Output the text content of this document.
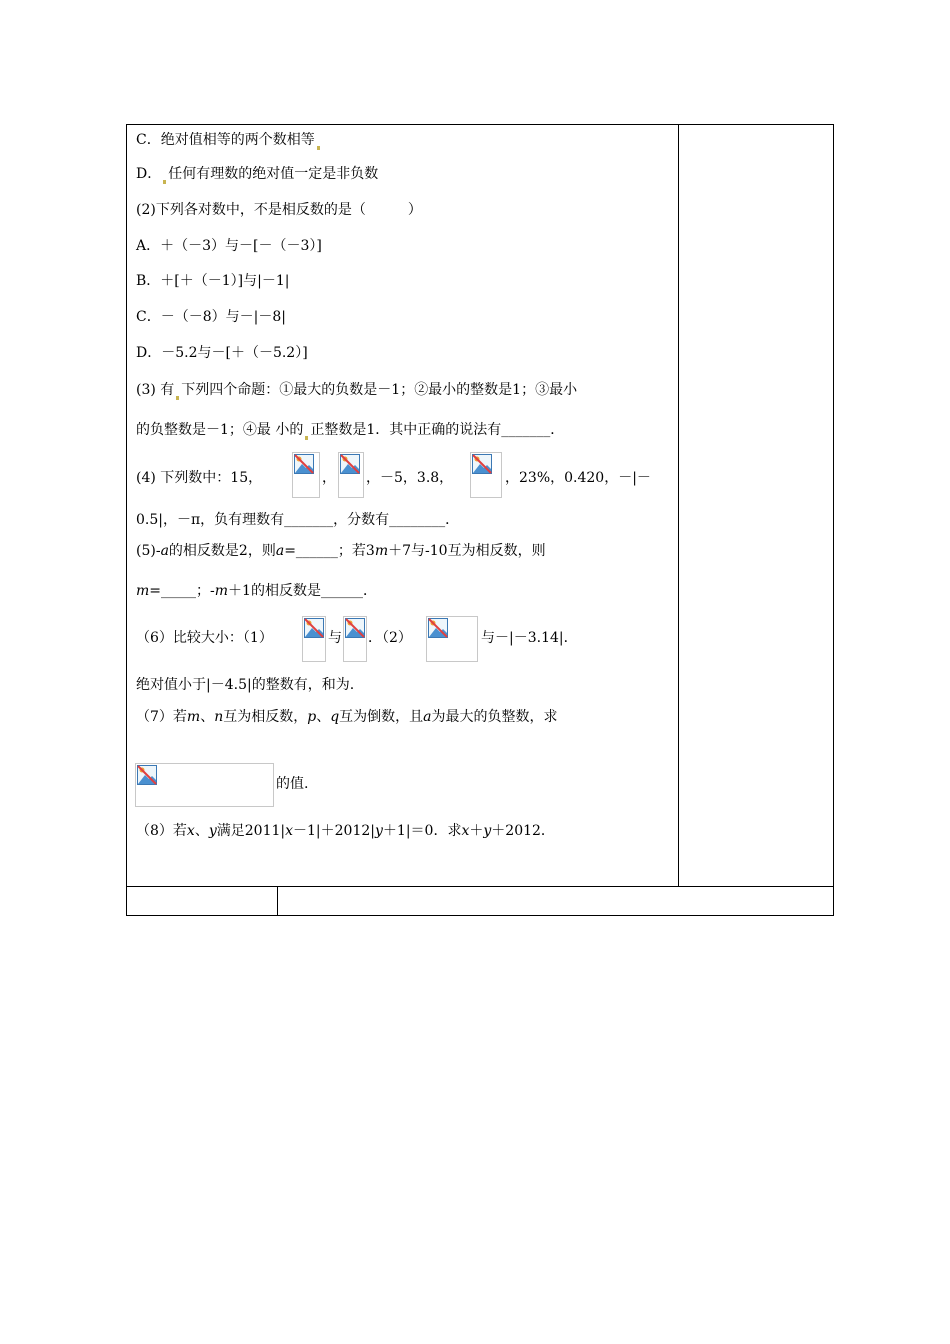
C．绝对值相等的两个数相等
D． 任何有理数的绝对值一定是非负数
(2)下列各对数中，不是相反数的是（　　　）
A．＋（－3）与－[－（－3）]
B．＋[＋（－1）]与|－1|
C．－（－8）与－|－8|
D．－5.2与－[＋（－5.2）]
(3) 有 下列四个命题：①最大的负数是－1；②最小的整数是1；③最小
的负整数是－1；④最 小的 正整数是1．其中正确的说法有_______．
(4) 下列数中：15，	， ，－5，3.8，	，23%，0.420，－|－
0.5|，－π，负有理数有_______，分数有________．
(5)-a的相反数是2，则a=______；若3m＋7与-10互为相反数，则
m=_____；-m＋1的相反数是______．
（6）比较大小：（1）	与 ．（2）	与－|－3.14|．
绝对值小于|－4.5|的整数有，和为.
（7）若m、n互为相反数，p、q互为倒数，且a为最大的负整数，求
的值.
（8）若x、y满足2011|x－1|＋2012|y＋1|＝0．求x＋y＋2012．
